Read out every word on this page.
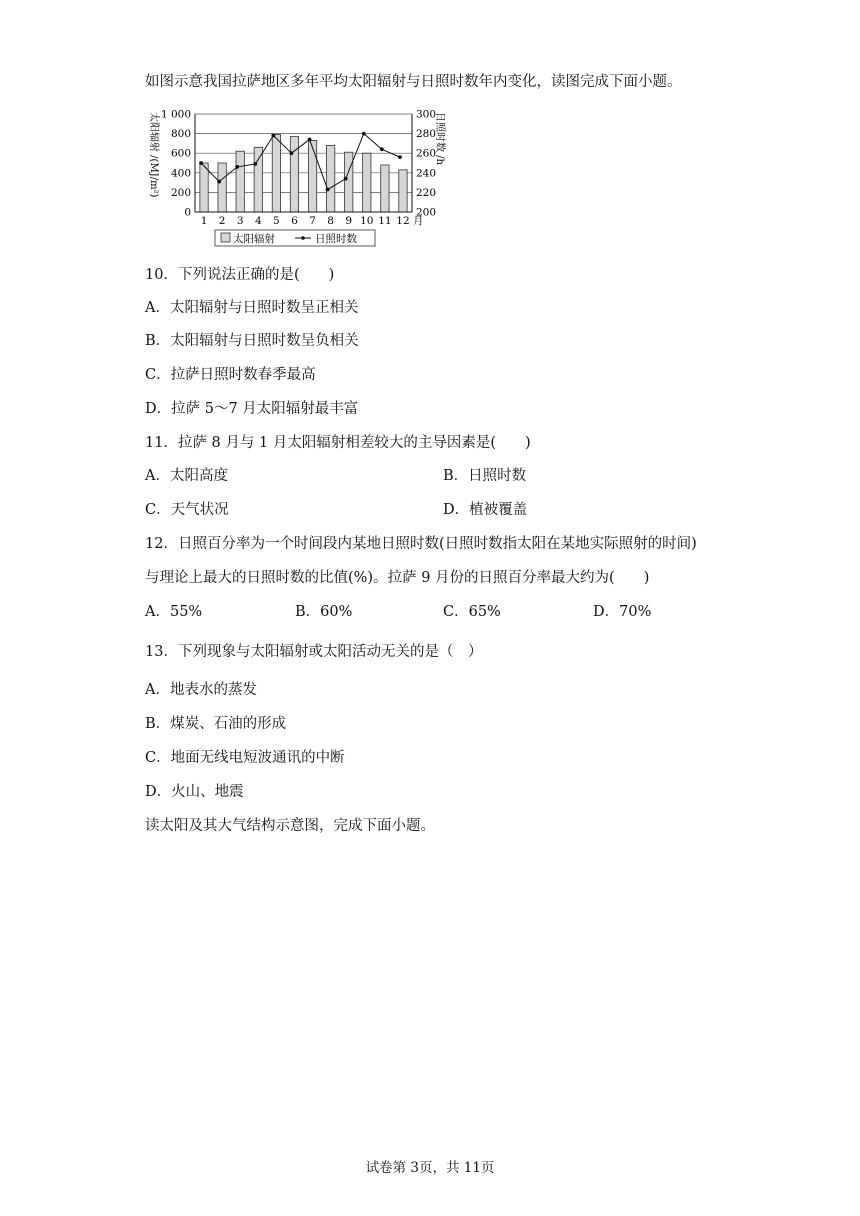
如图示意我国拉萨地区多年平均太阳辐射与日照时数年内变化，读图完成下面小题。
0
200
400
600
800
1 000
200
220
240
260
280
300
1 2 3 4 5 6 7 8 9 10 11 12 月
太阳辐射 /(MJ/m²)	日照时数 /h
太阳辐射	日照时数
10．下列说法正确的是(　　)
A．太阳辐射与日照时数呈正相关
B．太阳辐射与日照时数呈负相关
C．拉萨日照时数春季最高
D．拉萨 5～7 月太阳辐射最丰富
11．拉萨 8 月与 1 月太阳辐射相差较大的主导因素是(　　)
A．太阳高度	B．日照时数
C．天气状况	D．植被覆盖
12．日照百分率为一个时间段内某地日照时数(日照时数指太阳在某地实际照射的时间)
与理论上最大的日照时数的比值(%)。拉萨 9 月份的日照百分率最大约为(　　)
A．55%	B．60%	C．65%	D．70%
13．下列现象与太阳辐射或太阳活动无关的是（　）
A．地表水的蒸发
B．煤炭、石油的形成
C．地面无线电短波通讯的中断
D．火山、地震
读太阳及其大气结构示意图，完成下面小题。
试卷第 3页，共 11页
